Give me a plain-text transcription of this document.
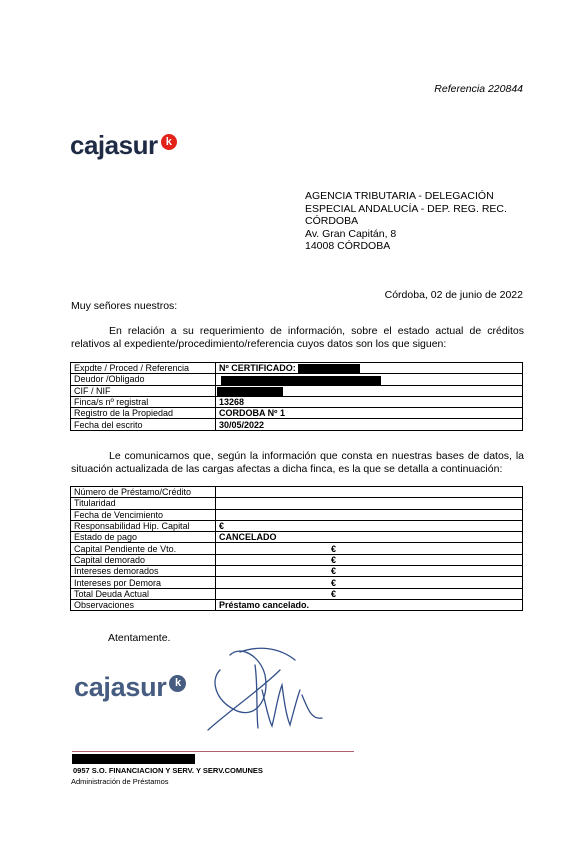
Referencia 220844
cajasur k
AGENCIA TRIBUTARIA - DELEGACIÓN
ESPECIAL ANDALUCÍA - DEP. REG. REC.
CÓRDOBA
Av. Gran Capitán, 8
14008 CÓRDOBA
Córdoba, 02 de junio de 2022
Muy señores nuestros:
En relación a su requerimiento de información, sobre el estado actual de créditos relativos al expediente/procedimiento/referencia cuyos datos son los que siguen:
Expdte / Proced / Referencia	Nº CERTIFICADO:
Deudor /Obligado	
CIF / NIF	
Finca/s nº registral	13268
Registro de la Propiedad	CORDOBA Nº 1
Fecha del escrito	30/05/2022
Le comunicamos que, según la información que consta en nuestras bases de datos, la situación actualizada de las cargas afectas a dicha finca, es la que se detalla a continuación:
Número de Préstamo/Crédito	
Titularidad	
Fecha de Vencimiento	
Responsabilidad Hip. Capital	€
Estado de pago	CANCELADO
Capital Pendiente de Vto.	€
Capital demorado	€
Intereses demorados	€
Intereses por Demora	€
Total Deuda Actual	€
Observaciones	Préstamo cancelado.
Atentamente.
cajasur k
0957 S.O. FINANCIACION Y SERV. Y SERV.COMUNES
Administración de Préstamos
